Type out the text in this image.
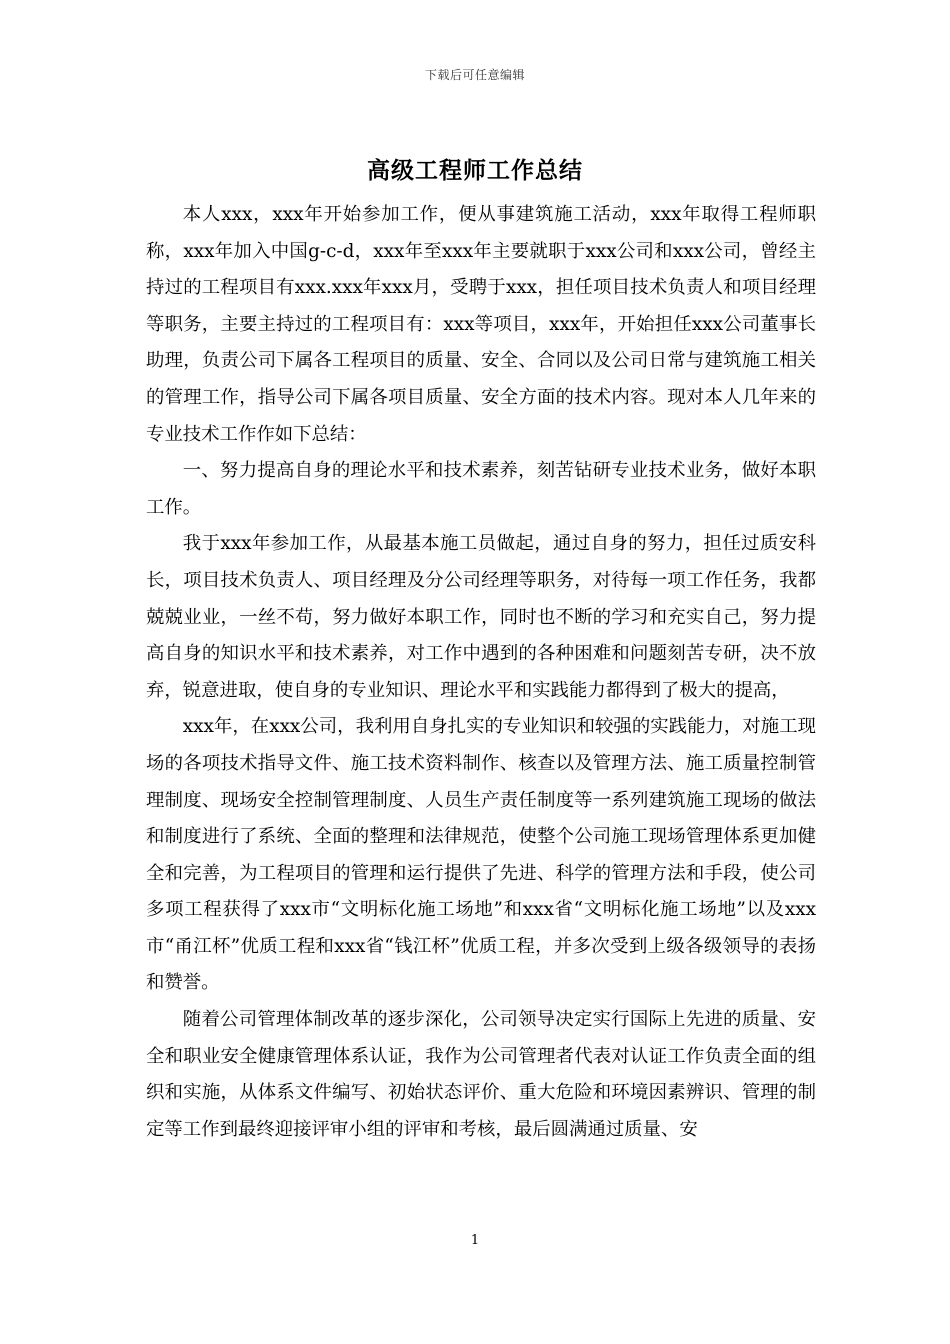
下载后可任意编辑
高级工程师工作总结

本人xxx，xxx年开始参加工作，便从事建筑施工活动，xxx年取得工程师职称，xxx年加入中国g-c-d，xxx年至xxx年主要就职于xxx公司和xxx公司，曾经主持过的工程项目有xxx.xxx年xxx月，受聘于xxx，担任项目技术负责人和项目经理等职务，主要主持过的工程项目有：xxx等项目，xxx年，开始担任xxx公司董事长助理，负责公司下属各工程项目的质量、安全、合同以及公司日常与建筑施工相关的管理工作，指导公司下属各项目质量、安全方面的技术内容。现对本人几年来的专业技术工作作如下总结：

一、努力提高自身的理论水平和技术素养，刻苦钻研专业技术业务，做好本职工作。

我于xxx年参加工作，从最基本施工员做起，通过自身的努力，担任过质安科长，项目技术负责人、项目经理及分公司经理等职务，对待每一项工作任务，我都兢兢业业，一丝不苟，努力做好本职工作，同时也不断的学习和充实自己，努力提高自身的知识水平和技术素养，对工作中遇到的各种困难和问题刻苦专研，决不放弃，锐意进取，使自身的专业知识、理论水平和实践能力都得到了极大的提高，

xxx年，在xxx公司，我利用自身扎实的专业知识和较强的实践能力，对施工现场的各项技术指导文件、施工技术资料制作、核查以及管理方法、施工质量控制管理制度、现场安全控制管理制度、人员生产责任制度等一系列建筑施工现场的做法和制度进行了系统、全面的整理和法律规范，使整个公司施工现场管理体系更加健全和完善，为工程项目的管理和运行提供了先进、科学的管理方法和手段，使公司多项工程获得了xxx市“文明标化施工场地”和xxx省“文明标化施工场地”以及xxx市“甬江杯”优质工程和xxx省“钱江杯”优质工程，并多次受到上级各级领导的表扬和赞誉。

随着公司管理体制改革的逐步深化，公司领导决定实行国际上先进的质量、安全和职业安全健康管理体系认证，我作为公司管理者代表对认证工作负责全面的组织和实施，从体系文件编写、初始状态评价、重大危险和环境因素辨识、管理的制定等工作到最终迎接评审小组的评审和考核，最后圆满通过质量、安

1
